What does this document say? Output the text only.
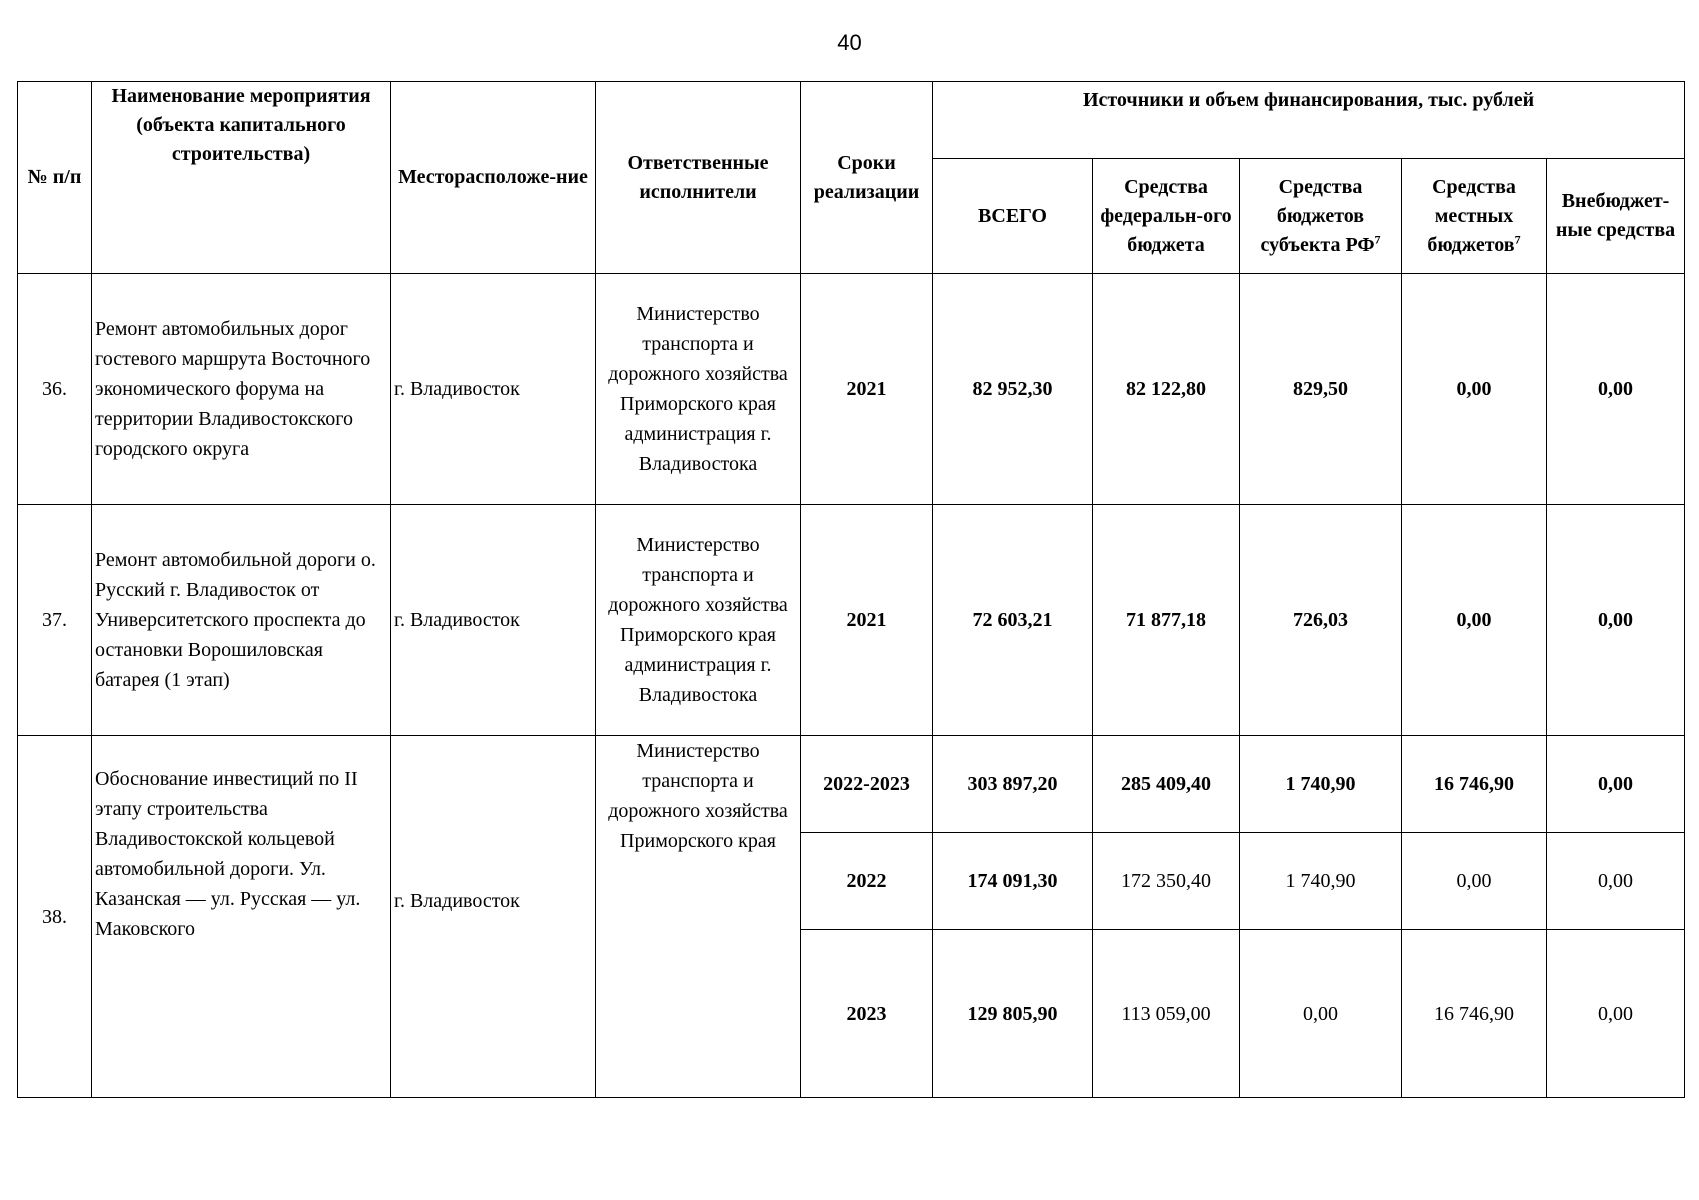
40
№ п/п	Наименование мероприятия (объекта капитального строительства)	Месторасположе-ние	Ответственные исполнители	Сроки реализации	Источники и объем финансирования, тыс. рублей				
					ВСЕГО	Средства федеральн-ого бюджета	Средства бюджетов субъекта $РФ^7$	Средства местных бюджетов$^7$	Внебюджет-ные средства
36.	Ремонт автомобильных дорог гостевого маршрута Восточного экономического форума на территории Владивостокского городского округа	г. Владивосток	Министерство транспорта и дорожного хозяйства Приморского края администрация г. Владивостока	2021	82 952,30	82 122,80	829,50	0,00	0,00
37.	Ремонт автомобильной дороги о. Русский г. Владивосток от Университетского проспекта до остановки Ворошиловская батарея (1 этап)	г. Владивосток	Министерство транспорта и дорожного хозяйства Приморского края администрация г. Владивостока	2021	72 603,21	71 877,18	726,03	0,00	0,00
38.	Обоснование инвестиций по II этапу строительства Владивостокской кольцевой автомобильной дороги. Ул. Казанская — ул. Русская — ул. Маковского	г. Владивосток	Министерство транспорта и дорожного хозяйства Приморского края	2022-2023	303 897,20	285 409,40	1 740,90	16 746,90	0,00
				2022	174 091,30	172 350,40	1 740,90	0,00	0,00
				2023	129 805,90	113 059,00	0,00	16 746,90	0,00
